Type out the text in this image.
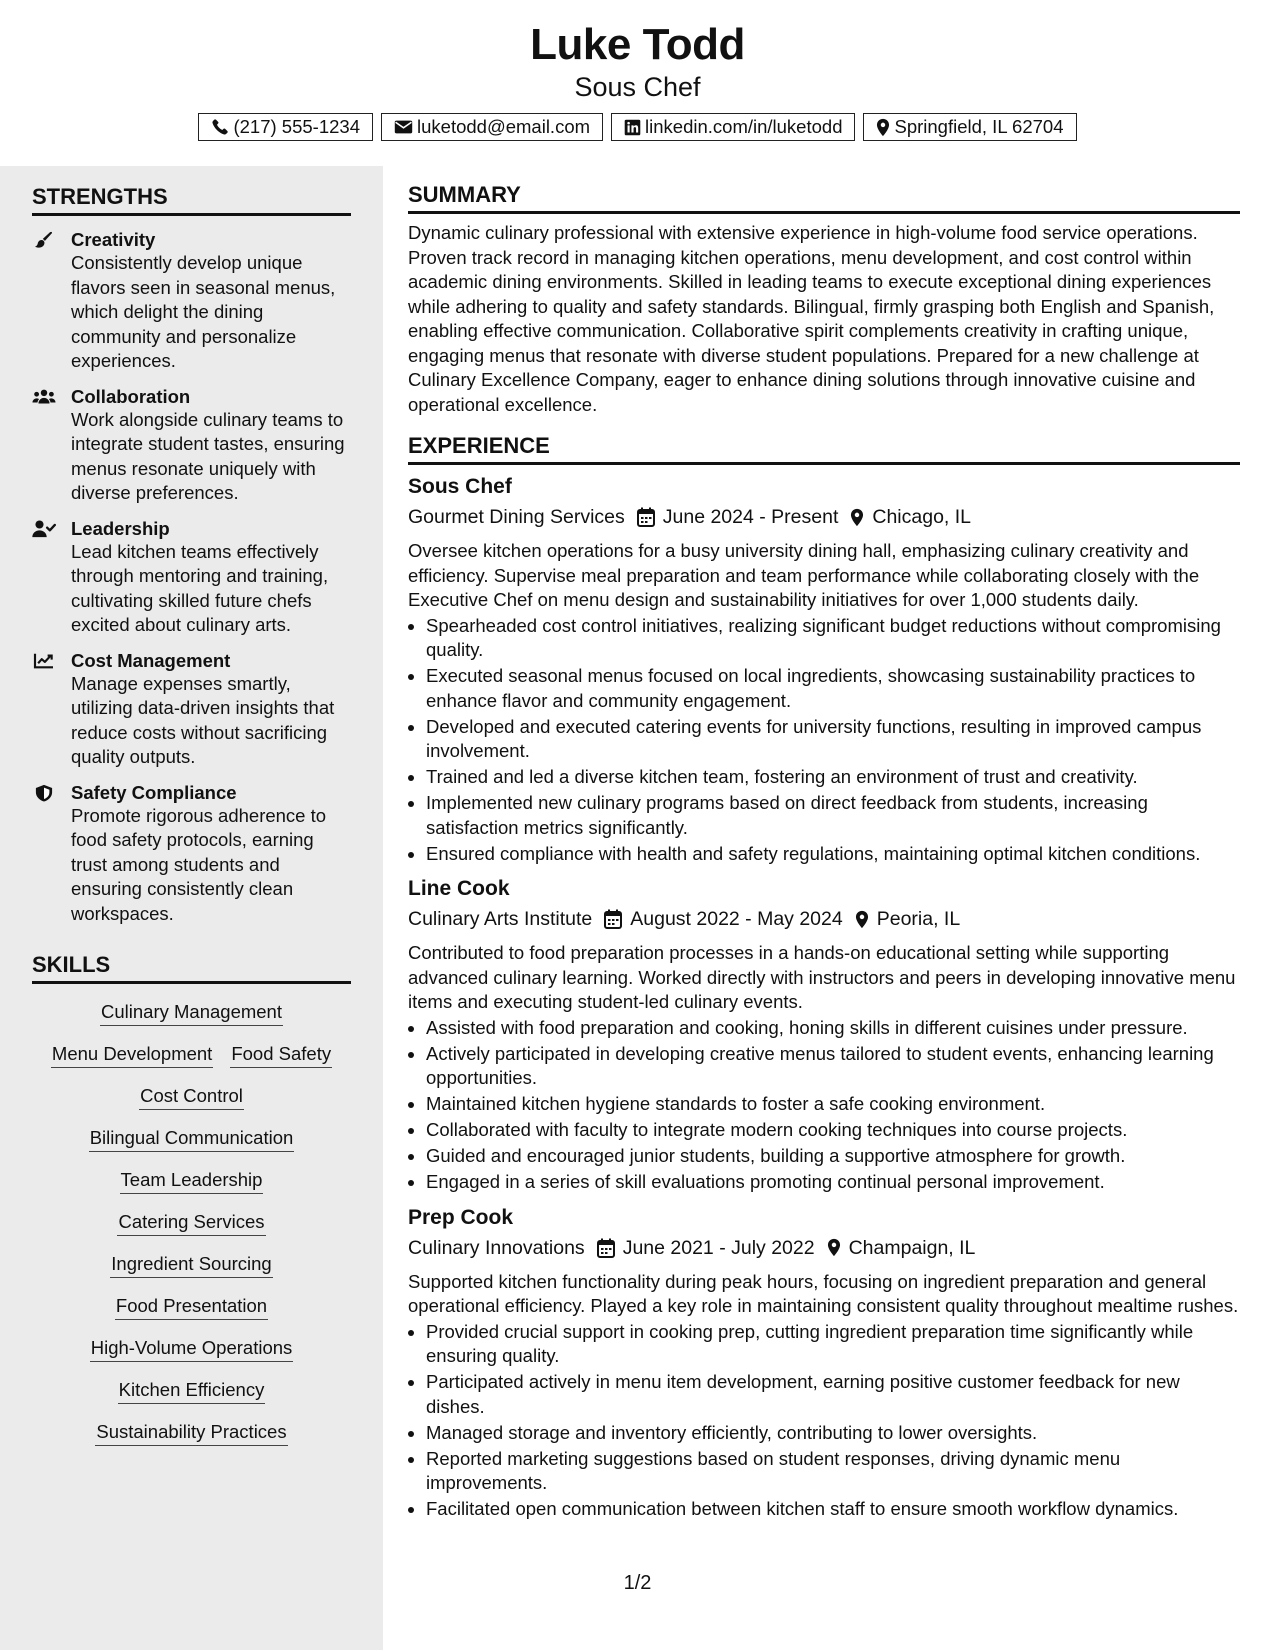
Luke Todd
Sous Chef
(217) 555-1234	luketodd@email.com	linkedin.com/in/luketodd	Springfield, IL 62704
STRENGTHS
Creativity
Consistently develop unique flavors seen in seasonal menus, which delight the dining community and personalize experiences.
Collaboration
Work alongside culinary teams to integrate student tastes, ensuring menus resonate uniquely with diverse preferences.
Leadership
Lead kitchen teams effectively through mentoring and training, cultivating skilled future chefs excited about culinary arts.
Cost Management
Manage expenses smartly, utilizing data-driven insights that reduce costs without sacrificing quality outputs.
Safety Compliance
Promote rigorous adherence to food safety protocols, earning trust among students and ensuring consistently clean workspaces.
SKILLS
Culinary Management
Menu Development Food Safety
Cost Control
Bilingual Communication
Team Leadership
Catering Services
Ingredient Sourcing
Food Presentation
High-Volume Operations
Kitchen Efficiency
Sustainability Practices
SUMMARY
Dynamic culinary professional with extensive experience in high-volume food service operations. Proven track record in managing kitchen operations, menu development, and cost control within academic dining environments. Skilled in leading teams to execute exceptional dining experiences while adhering to quality and safety standards. Bilingual, firmly grasping both English and Spanish, enabling effective communication. Collaborative spirit complements creativity in crafting unique, engaging menus that resonate with diverse student populations. Prepared for a new challenge at Culinary Excellence Company, eager to enhance dining solutions through innovative cuisine and operational excellence.
EXPERIENCE
Sous Chef
Gourmet Dining Services June 2024 - Present Chicago, IL
Oversee kitchen operations for a busy university dining hall, emphasizing culinary creativity and efficiency. Supervise meal preparation and team performance while collaborating closely with the Executive Chef on menu design and sustainability initiatives for over 1,000 students daily.
• Spearheaded cost control initiatives, realizing significant budget reductions without compromising quality.
• Executed seasonal menus focused on local ingredients, showcasing sustainability practices to enhance flavor and community engagement.
• Developed and executed catering events for university functions, resulting in improved campus involvement.
• Trained and led a diverse kitchen team, fostering an environment of trust and creativity.
• Implemented new culinary programs based on direct feedback from students, increasing satisfaction metrics significantly.
• Ensured compliance with health and safety regulations, maintaining optimal kitchen conditions.
Line Cook
Culinary Arts Institute August 2022 - May 2024 Peoria, IL
Contributed to food preparation processes in a hands-on educational setting while supporting advanced culinary learning. Worked directly with instructors and peers in developing innovative menu items and executing student-led culinary events.
• Assisted with food preparation and cooking, honing skills in different cuisines under pressure.
• Actively participated in developing creative menus tailored to student events, enhancing learning opportunities.
• Maintained kitchen hygiene standards to foster a safe cooking environment.
• Collaborated with faculty to integrate modern cooking techniques into course projects.
• Guided and encouraged junior students, building a supportive atmosphere for growth.
• Engaged in a series of skill evaluations promoting continual personal improvement.
Prep Cook
Culinary Innovations June 2021 - July 2022 Champaign, IL
Supported kitchen functionality during peak hours, focusing on ingredient preparation and general operational efficiency. Played a key role in maintaining consistent quality throughout mealtime rushes.
• Provided crucial support in cooking prep, cutting ingredient preparation time significantly while ensuring quality.
• Participated actively in menu item development, earning positive customer feedback for new dishes.
• Managed storage and inventory efficiently, contributing to lower oversights.
• Reported marketing suggestions based on student responses, driving dynamic menu improvements.
• Facilitated open communication between kitchen staff to ensure smooth workflow dynamics.
1/2
